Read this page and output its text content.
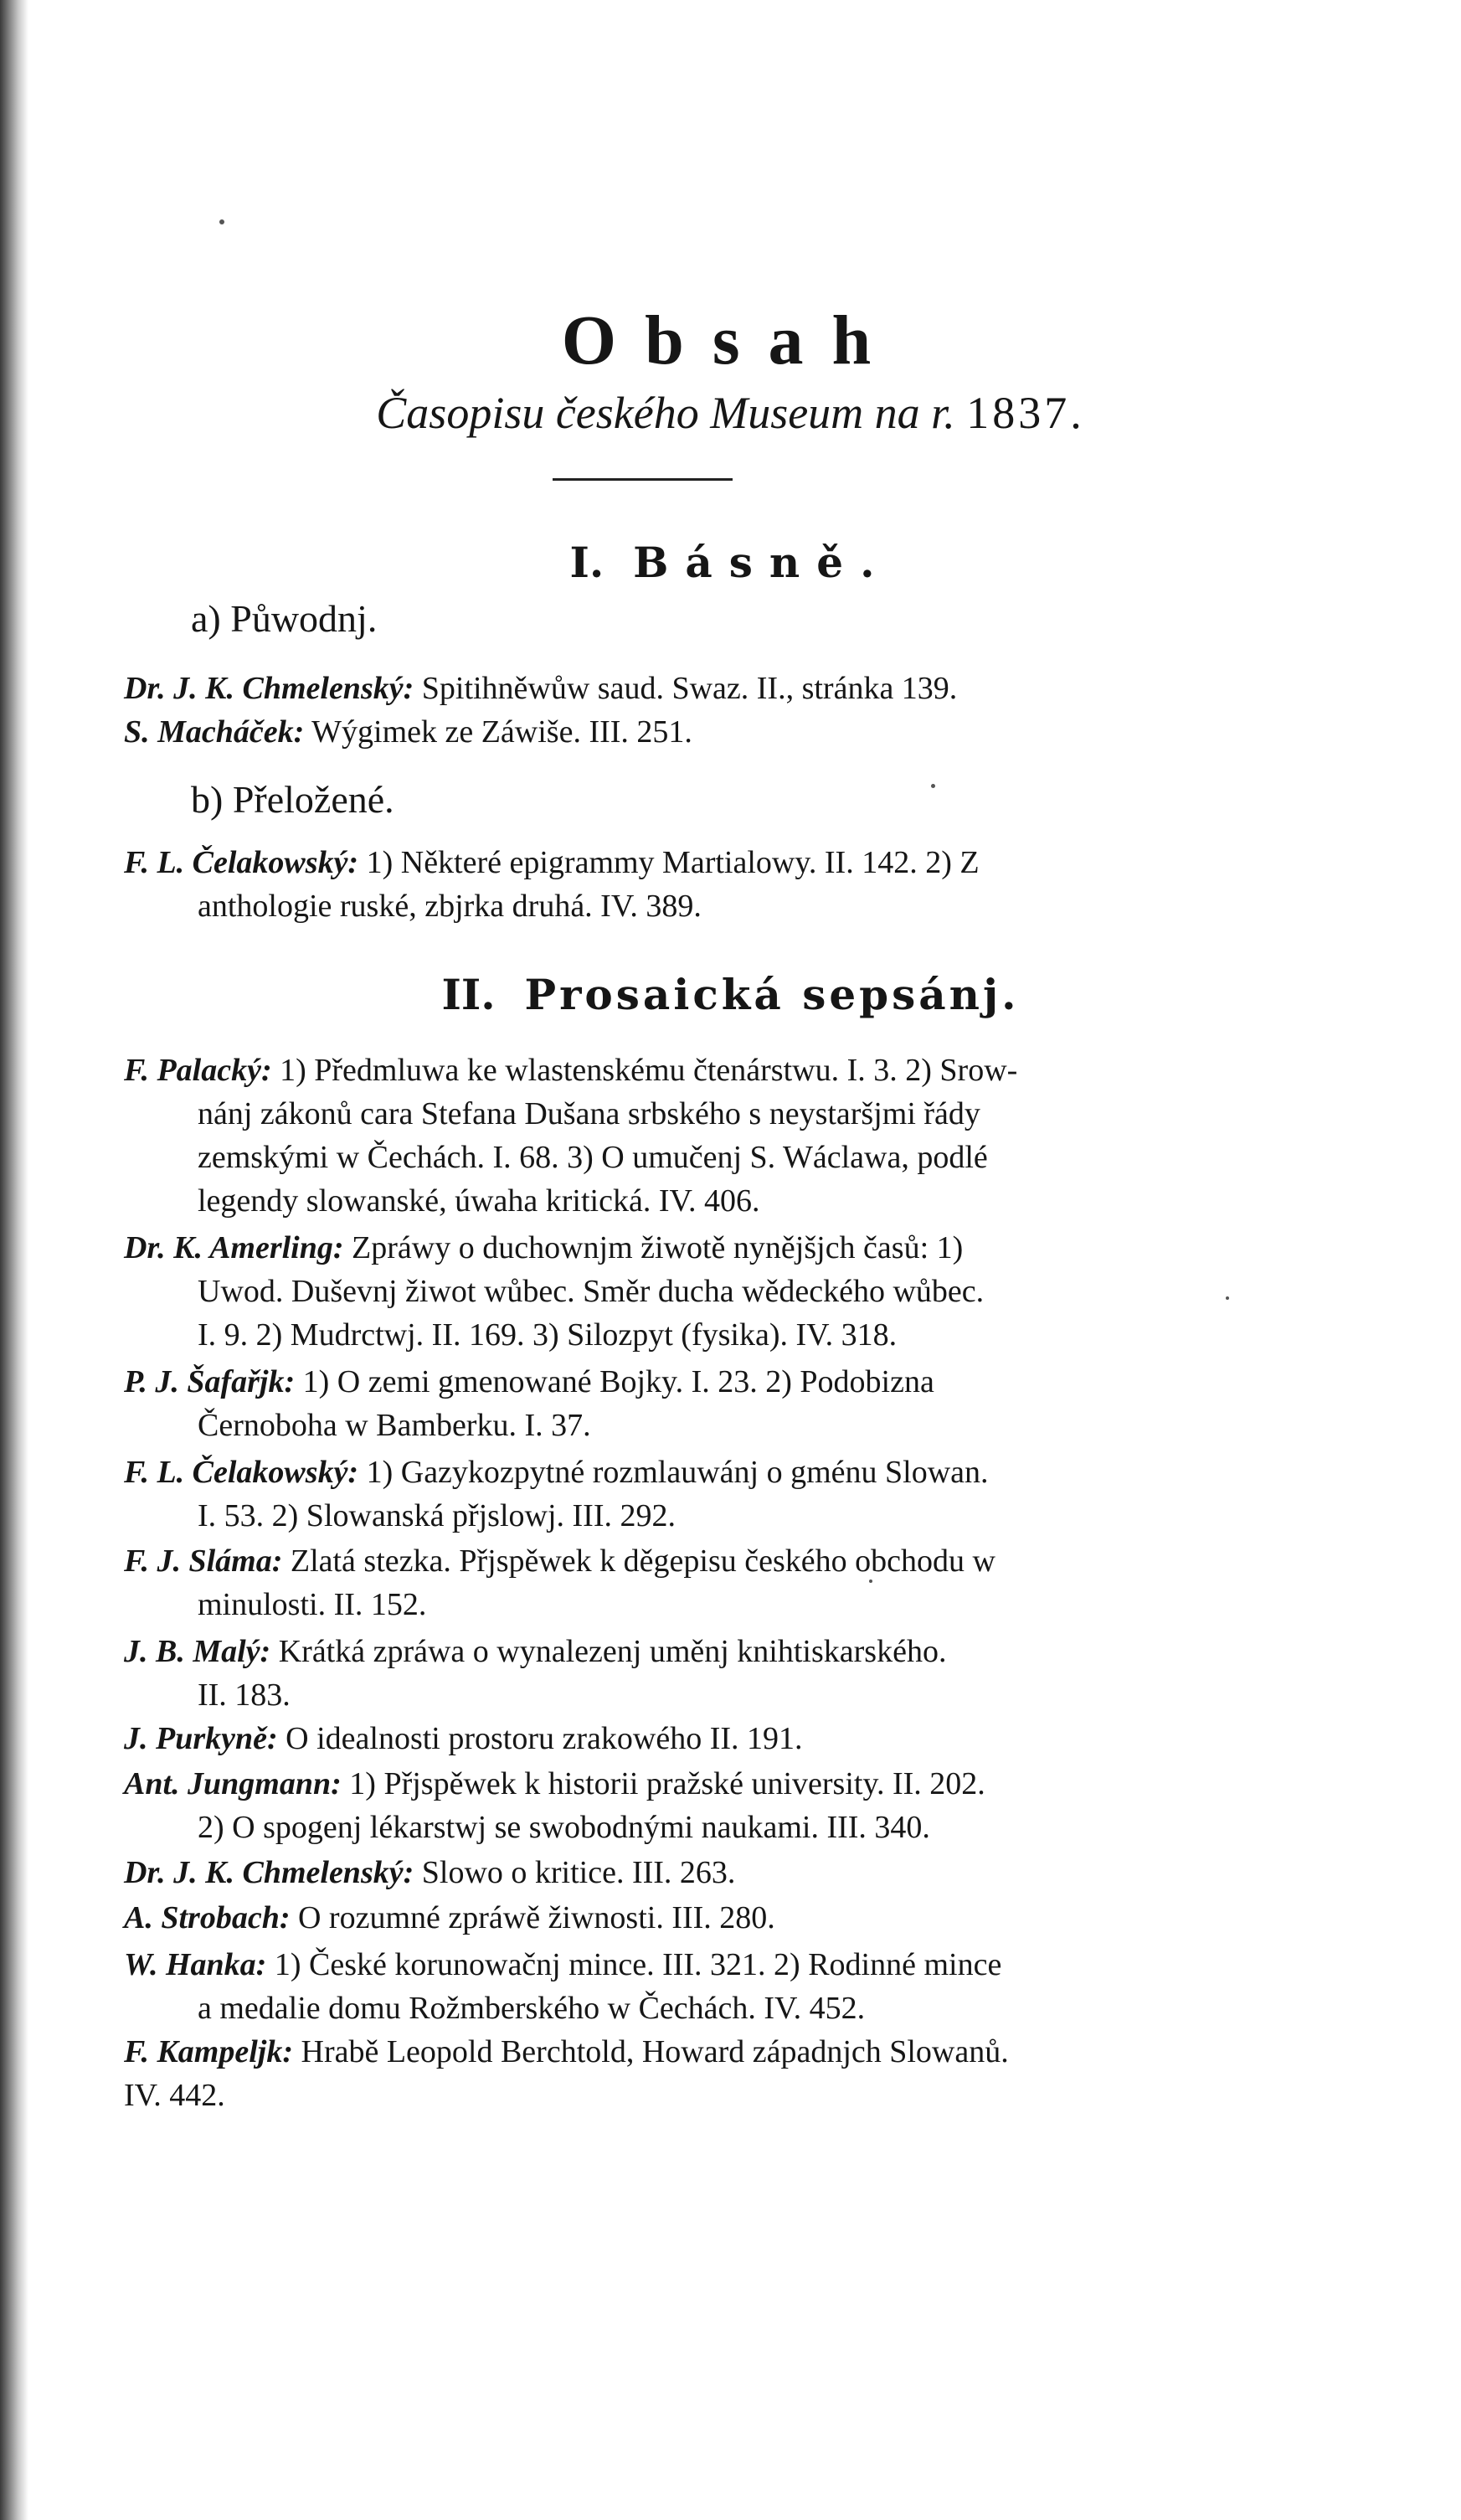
Obsah
Časopisu českého Museum na r. 1837.
I. Básně.
a) Půwodnj.
Dr. J. K. Chmelenský: Spitihněwůw saud. Swaz. II., stránka 139.
S. Macháček: Wýgimek ze Záwiše. III. 251.
b) Přeložené.
F. L. Čelakowský: 1) Některé epigrammy Martialowy. II. 142. 2) Z
anthologie ruské, zbjrka druhá. IV. 389.
II. Prosaická sepsánj.
F. Palacký: 1) Předmluwa ke wlastenskému čtenárstwu. I. 3. 2) Srow-
nánj zákonů cara Stefana Dušana srbského s neystaršjmi řády
zemskými w Čechách. I. 68. 3) O umučenj S. Wáclawa, podlé
legendy slowanské, úwaha kritická. IV. 406.
Dr. K. Amerling: Zpráwy o duchownjm žiwotě nynějšjch časů: 1)
Uwod. Duševnj žiwot wůbec. Směr ducha wědeckého wůbec.
I. 9. 2) Mudrctwj. II. 169. 3) Silozpyt (fysika). IV. 318.
P. J. Šafařjk: 1) O zemi gmenowané Bojky. I. 23. 2) Podobizna
Černoboha w Bamberku. I. 37.
F. L. Čelakowský: 1) Gazykozpytné rozmlauwánj o gménu Slowan.
I. 53. 2) Slowanská přjslowj. III. 292.
F. J. Sláma: Zlatá stezka. Přjspěwek k děgepisu českého obchodu w
minulosti. II. 152.
J. B. Malý: Krátká zpráwa o wynalezenj uměnj knihtiskarského.
II. 183.
J. Purkyně: O idealnosti prostoru zrakowého II. 191.
Ant. Jungmann: 1) Přjspěwek k historii pražské university. II. 202.
2) O spogenj lékarstwj se swobodnými naukami. III. 340.
Dr. J. K. Chmelenský: Slowo o kritice. III. 263.
A. Strobach: O rozumné zpráwě žiwnosti. III. 280.
W. Hanka: 1) České korunowačnj mince. III. 321. 2) Rodinné mince
a medalie domu Rožmberského w Čechách. IV. 452.
F. Kampeljk: Hrabě Leopold Berchtold, Howard západnjch Slowanů.
IV. 442.
